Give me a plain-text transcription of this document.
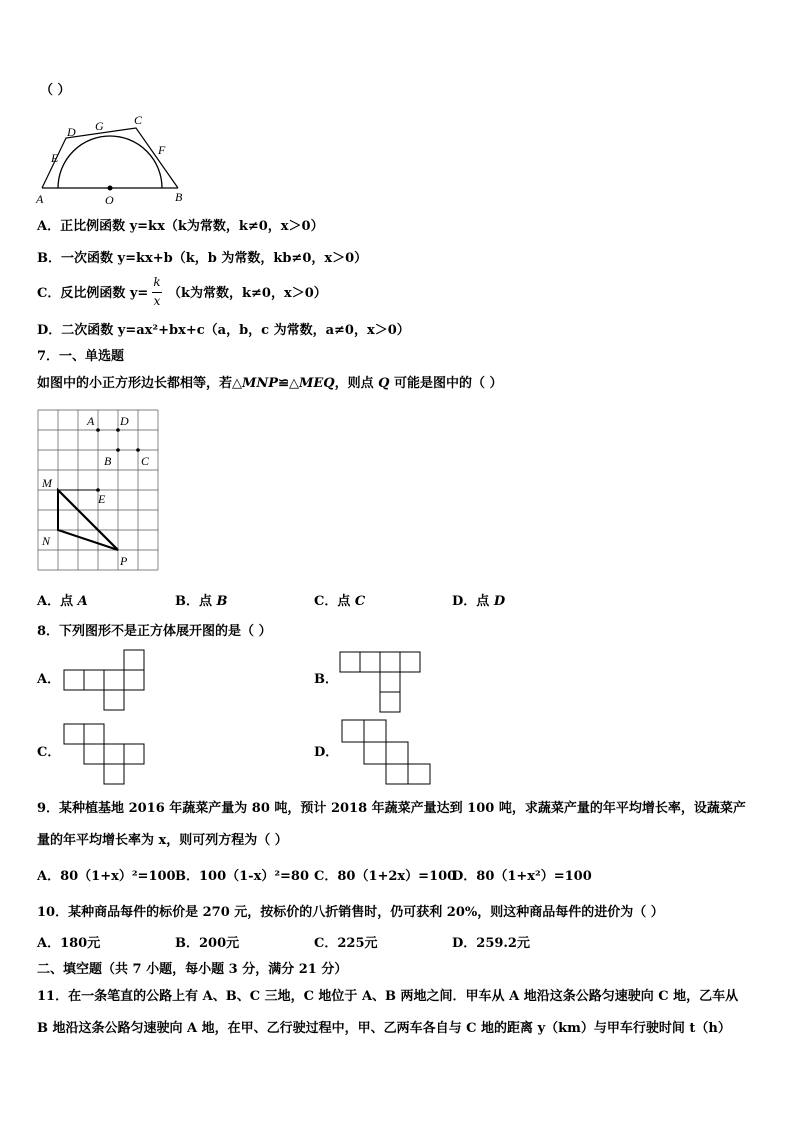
（ ）
A	B
O
D G	C
E
F
A．正比例函数 y=kx（k为常数，k≠0，x＞0）
B．一次函数 y=kx+b（k，b 为常数，kb≠0，x＞0）
C．反比例函数 y=
k
x （k为常数，k≠0，x＞0）
D．二次函数 y=ax²+bx+c（a，b，c 为常数，a≠0，x＞0）
7．一、单选题
如图中的小正方形边长都相等，若△MNP≌△MEQ，则点 Q 可能是图中的（ ）
A D
B C
M
E
N
P
A．点 A	B．点 B	C．点 C	D．点 D
8．下列图形不是正方体展开图的是（ ）
A．	B．
C．	D．
9．某种植基地 2016 年蔬菜产量为 80 吨，预计 2018 年蔬菜产量达到 100 吨，求蔬菜产量的年平均增长率，设蔬菜产
量的年平均增长率为 x，则可列方程为（ ）
A．80（1+x）²=100 B．100（1-x）²=80 C．80（1+2x）=100
D．80（1+x²）=100
10．某种商品每件的标价是 270 元，按标价的八折销售时，仍可获利 20%，则这种商品每件的进价为（ ）
A．180元	B．200元	C．225元	D．259.2元
二、填空题（共 7 小题，每小题 3 分，满分 21 分）
11．在一条笔直的公路上有 A、B、C 三地，C 地位于 A、B 两地之间．甲车从 A 地沿这条公路匀速驶向 C 地，乙车从
B 地沿这条公路匀速驶向 A 地，在甲、乙行驶过程中，甲、乙两车各自与 C 地的距离 y（km）与甲车行驶时间 t（h）
